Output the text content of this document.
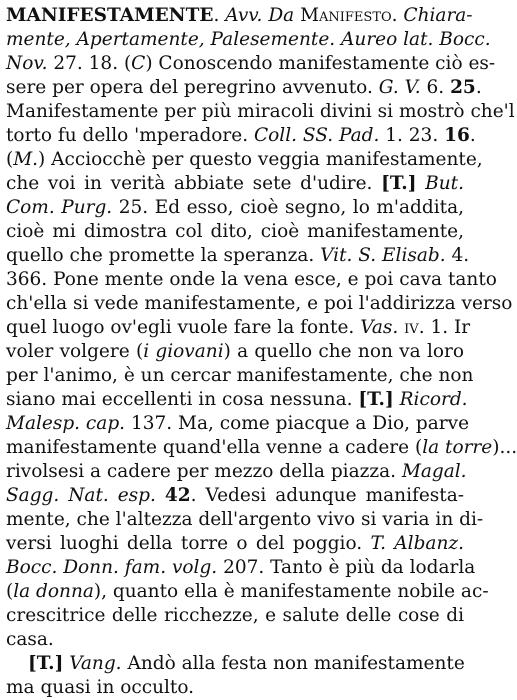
MANIFESTAMENTE. Avv. Da Manifesto. Chiara-
mente, Apertamente, Palesemente. Aureo lat. Bocc.
Nov. 27. 18. (C) Conoscendo manifestamente ciò es-
sere per opera del peregrino avvenuto. G. V. 6. 25.
Manifestamente per più miracoli divini si mostrò che'l
torto fu dello 'mperadore. Coll. SS. Pad. 1. 23. 16.
(M.) Acciocchè per questo veggia manifestamente,
che voi in verità abbiate sete d'udire. [T.] But.
Com. Purg. 25. Ed esso, cioè segno, lo m'addita,
cioè mi dimostra col dito, cioè manifestamente,
quello che promette la speranza. Vit. S. Elisab. 4.
366. Pone mente onde la vena esce, e poi cava tanto
ch'ella si vede manifestamente, e poi l'addirizza verso
quel luogo ov'egli vuole fare la fonte. Vas. iv. 1. Ir
voler volgere (i giovani) a quello che non va loro
per l'animo, è un cercar manifestamente, che non
siano mai eccellenti in cosa nessuna. [T.] Ricord.
Malesp. cap. 137. Ma, come piacque a Dio, parve
manifestamente quand'ella venne a cadere (la torre)...
rivolsesi a cadere per mezzo della piazza. Magal.
Sagg. Nat. esp. 42. Vedesi adunque manifesta-
mente, che l'altezza dell'argento vivo si varia in di-
versi luoghi della torre o del poggio. T. Albanz.
Bocc. Donn. fam. volg. 207. Tanto è più da lodarla
(la donna), quanto ella è manifestamente nobile ac-
crescitrice delle ricchezze, e salute delle cose di
casa.
[T.] Vang. Andò alla festa non manifestamente
ma quasi in occulto.
